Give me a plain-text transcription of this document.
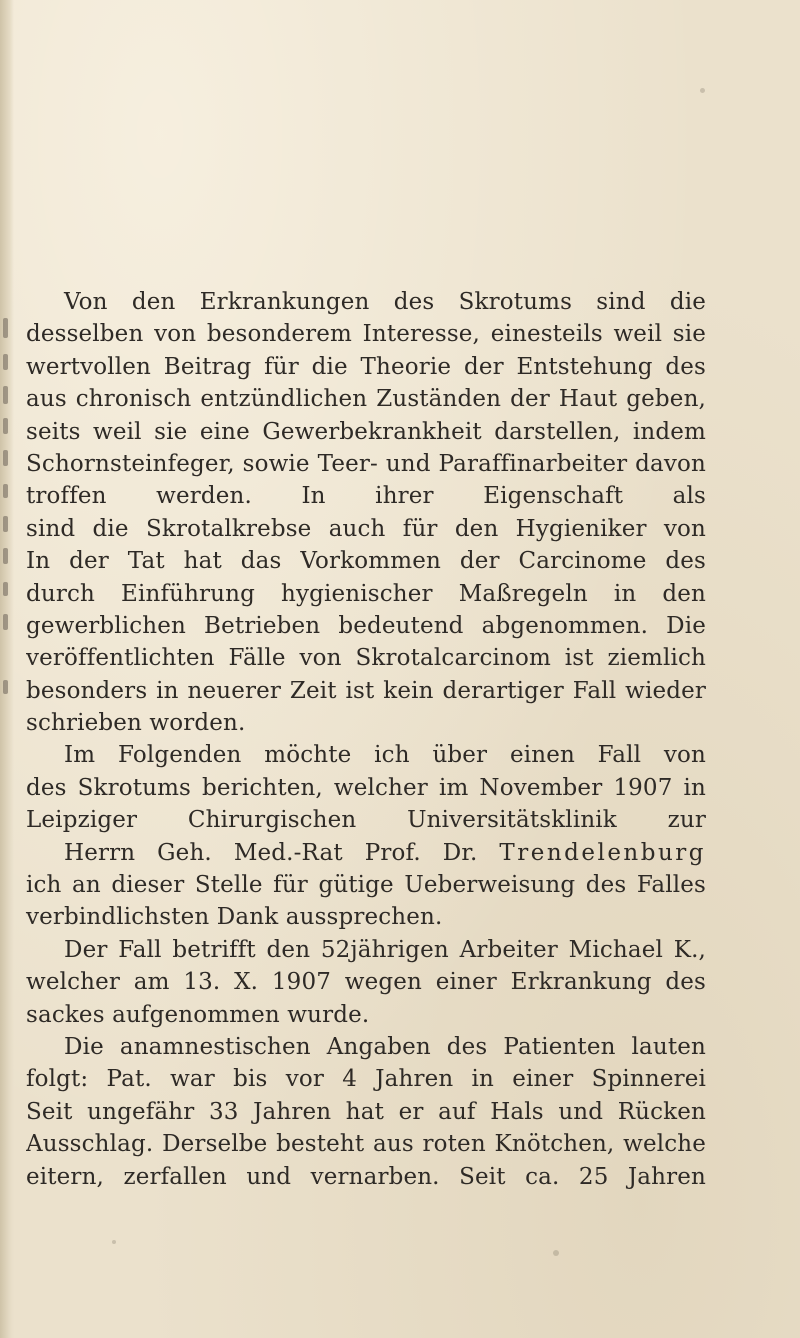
Von den Erkrankungen des Skrotums sind die
desselben von besonderem Interesse, einesteils weil sie
wertvollen Beitrag für die Theorie der Entstehung des
aus chronisch entzündlichen Zuständen der Haut geben,
seits weil sie eine Gewerbekrankheit darstellen, indem
Schornsteinfeger, sowie Teer- und Paraffinarbeiter davon
troffen werden. In ihrer Eigenschaft als
sind die Skrotalkrebse auch für den Hygieniker von
In der Tat hat das Vorkommen der Carcinome des
durch Einführung hygienischer Maßregeln in den
gewerblichen Betrieben bedeutend abgenommen. Die
veröffentlichten Fälle von Skrotalcarcinom ist ziemlich
besonders in neuerer Zeit ist kein derartiger Fall wieder
schrieben worden.
Im Folgenden möchte ich über einen Fall von
des Skrotums berichten, welcher im November 1907 in
Leipziger Chirurgischen Universitätsklinik zur
Herrn Geh. Med.-Rat Prof. Dr. Trendelenburg
ich an dieser Stelle für gütige Ueberweisung des Falles
verbindlichsten Dank aussprechen.
Der Fall betrifft den 52jährigen Arbeiter Michael K.,
welcher am 13. X. 1907 wegen einer Erkrankung des
sackes aufgenommen wurde.
Die anamnestischen Angaben des Patienten lauten
folgt: Pat. war bis vor 4 Jahren in einer Spinnerei
Seit ungefähr 33 Jahren hat er auf Hals und Rücken
Ausschlag. Derselbe besteht aus roten Knötchen, welche
eitern, zerfallen und vernarben. Seit ca. 25 Jahren
